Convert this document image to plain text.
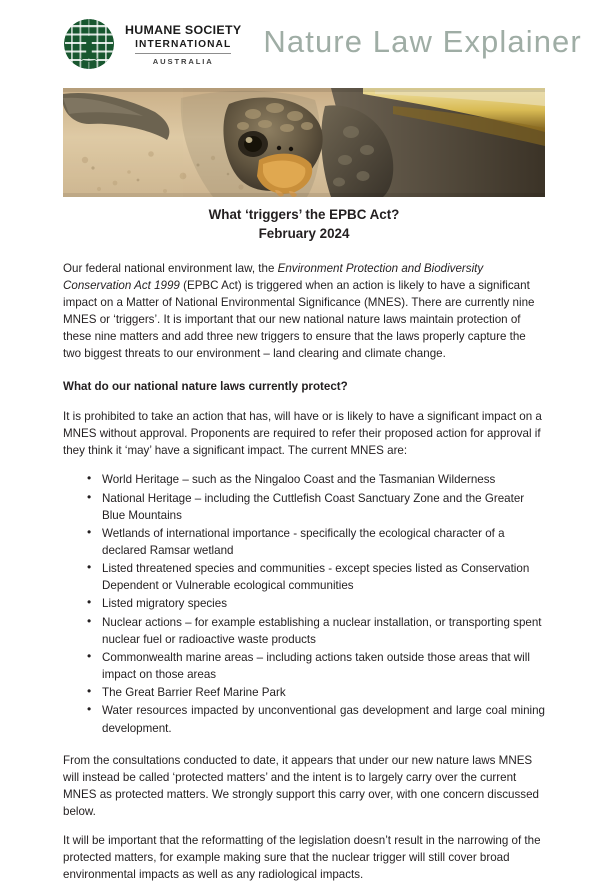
HUMANE SOCIETY
INTERNATIONAL
AUSTRALIA
Nature Law Explainer
What ‘triggers’ the EPBC Act?
February 2024

Our federal national environment law, the Environment Protection and Biodiversity Conservation Act 1999 (EPBC Act) is triggered when an action is likely to have a significant impact on a Matter of National Environmental Significance (MNES). There are currently nine MNES or ‘triggers’. It is important that our new national nature laws maintain protection of these nine matters and add three new triggers to ensure that the laws properly capture the two biggest threats to our environment – land clearing and climate change.

What do our national nature laws currently protect?

It is prohibited to take an action that has, will have or is likely to have a significant impact on a MNES without approval. Proponents are required to refer their proposed action for approval if they think it ‘may’ have a significant impact. The current MNES are:

• World Heritage – such as the Ningaloo Coast and the Tasmanian Wilderness
• National Heritage – including the Cuttlefish Coast Sanctuary Zone and the Greater Blue Mountains
• Wetlands of international importance - specifically the ecological character of a declared Ramsar wetland
• Listed threatened species and communities - except species listed as Conservation Dependent or Vulnerable ecological communities
• Listed migratory species
• Nuclear actions – for example establishing a nuclear installation, or transporting spent nuclear fuel or radioactive waste products
• Commonwealth marine areas – including actions taken outside those areas that will impact on those areas
• The Great Barrier Reef Marine Park
• Water resources impacted by unconventional gas development and large coal mining development.

From the consultations conducted to date, it appears that under our new nature laws MNES will instead be called ‘protected matters’ and the intent is to largely carry over the current MNES as protected matters. We strongly support this carry over, with one concern discussed below.

It will be important that the reformatting of the legislation doesn’t result in the narrowing of the protected matters, for example making sure that the nuclear trigger will still cover broad environmental impacts as well as any radiological impacts.
